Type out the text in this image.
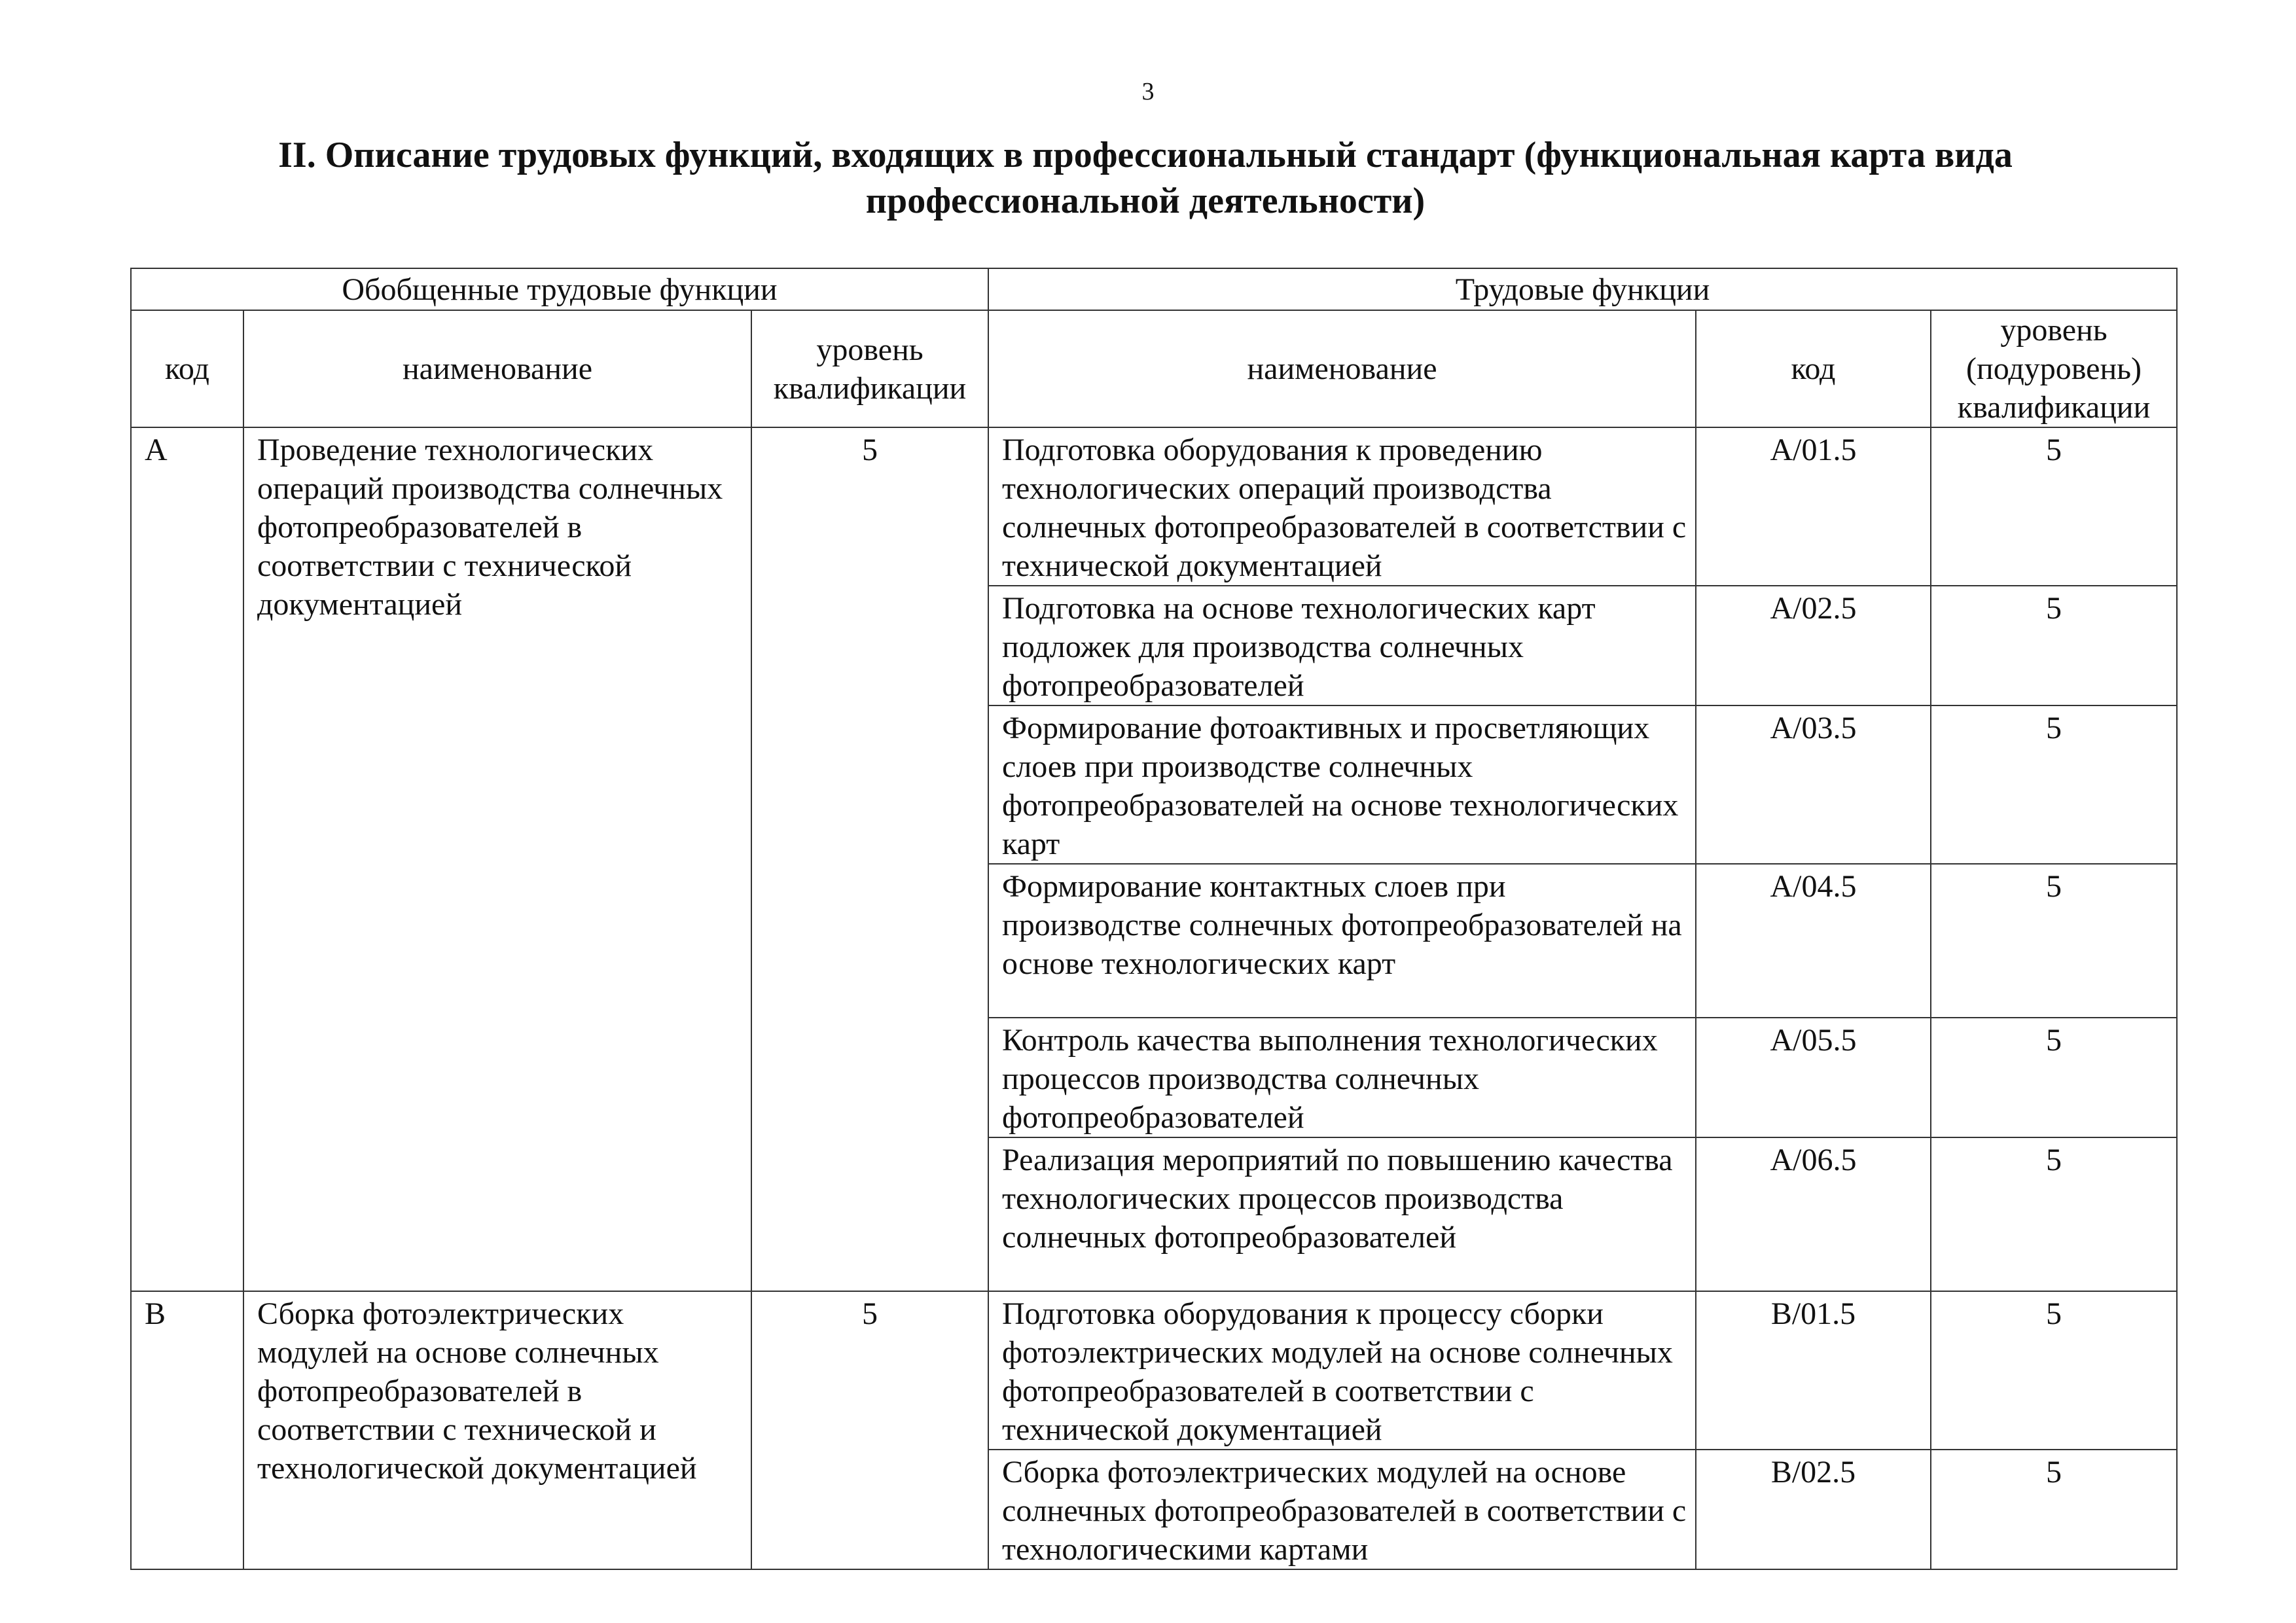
3
II. Описание трудовых функций, входящих в профессиональный стандарт (функциональная карта вида профессиональной деятельности)
Обобщенные трудовые функции			Трудовые функции		
код	наименование	уровень квалификации	наименование	код	уровень (подуровень) квалификации
A	Проведение технологических операций производства солнечных фотопреобразователей в соответствии с технической документацией	5	Подготовка оборудования к проведению технологических операций производства солнечных фотопреобразователей в соответствии с технической документацией	A/01.5	5
			Подготовка на основе технологических карт подложек для производства солнечных фотопреобразователей	A/02.5	5
			Формирование фотоактивных и просветляющих слоев при производстве солнечных фотопреобразователей на основе технологических карт	A/03.5	5
			Формирование контактных слоев при производстве солнечных фотопреобразователей на основе технологических карт	A/04.5	5
			Контроль качества выполнения технологических процессов производства солнечных фотопреобразователей	A/05.5	5
			Реализация мероприятий по повышению качества технологических процессов производства солнечных фотопреобразователей	A/06.5	5
B	Сборка фотоэлектрических модулей на основе солнечных фотопреобразователей в соответствии с технической и технологической документацией	5	Подготовка оборудования к процессу сборки фотоэлектрических модулей на основе солнечных фотопреобразователей в соответствии с технической документацией	B/01.5	5
			Сборка фотоэлектрических модулей на основе солнечных фотопреобразователей в соответствии с технологическими картами	B/02.5	5
